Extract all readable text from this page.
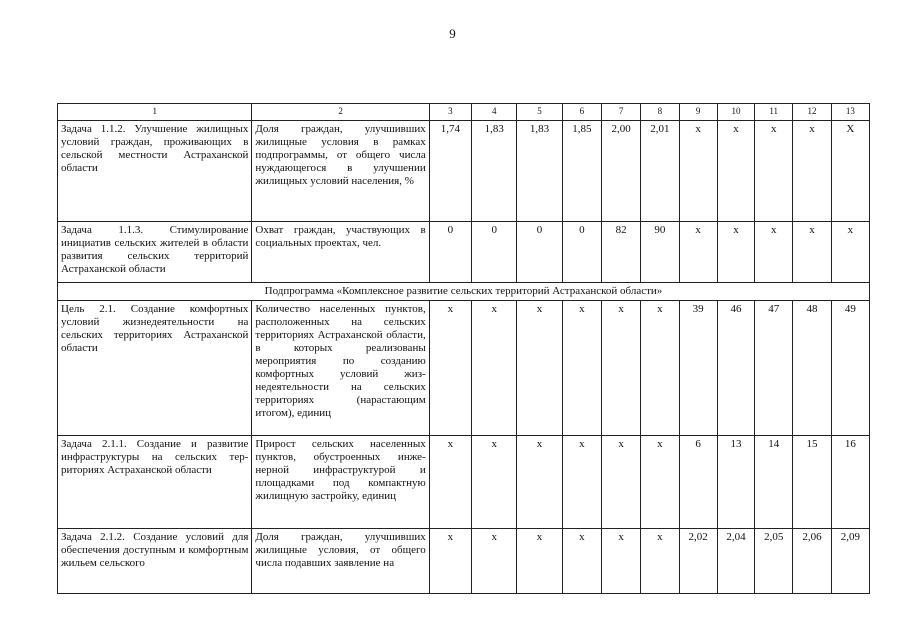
9
1	2	3	4	5	6	7	8	9	10	11	12	13
Задача 1.1.2. Улучшение жилищных условий граждан, проживающих в сельской местности Астраханской области	Доля граждан, улучшивших жилищные условия в рамках подпрограммы, от общего числа нуждающегося в улучшении жилищных условий населения, %	1,74	1,83	1,83	1,85	2,00	2,01	x	x	x	x	X
Задача 1.1.3. Стимулирование инициатив сельских жителей в области развития сельских территорий Астраханской области	Охват граждан, участвующих в социальных проектах, чел.	0	0	0	0	82	90	x	x	x	x	x
Подпрограмма «Комплексное развитие сельских территорий Астраханской области»												
Цель 2.1. Создание комфортных условий жизнедеятельности на сельских территориях Астраханской области	Количество населенных пунктов, расположенных на сельских территориях Астраханской области, в которых реализованы мероприятия по созданию комфортных условий жизнедеятельности на сельских территориях (нарастающим итогом), единиц	x	x	x	x	x	x	39	46	47	48	49
Задача 2.1.1. Создание и развитие инфраструктуры на сельских территориях Астраханской области	Прирост сельских населенных пунктов, обустроенных инженерной инфраструктурой и площадками под компактную жилищную застройку, единиц	x	x	x	x	x	x	6	13	14	15	16
Задача 2.1.2. Создание условий для обеспечения доступным и комфортным жильем сельского	Доля граждан, улучшивших жилищные условия, от общего числа подавших заявление на	x	x	x	x	x	x	2,02	2,04	2,05	2,06	2,09
